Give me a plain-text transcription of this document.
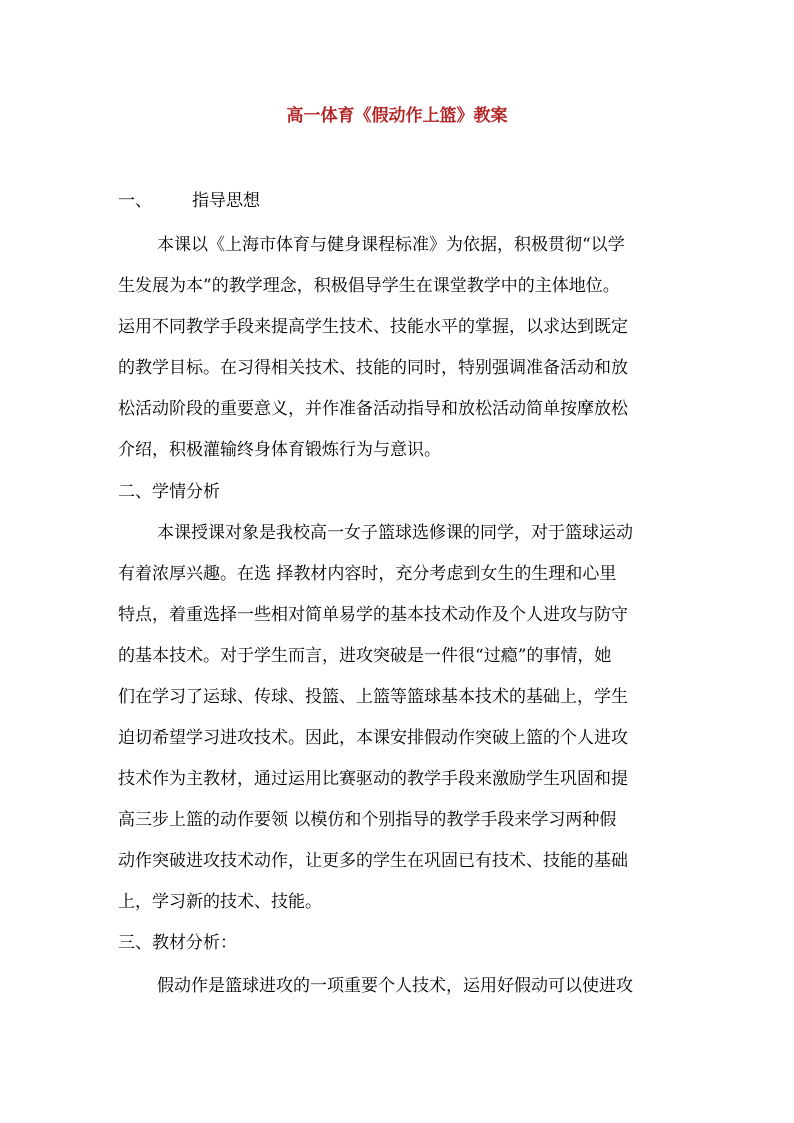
高一体育《假动作上篮》教案

一、 指导思想

本课以《上海市体育与健身课程标准》为依据，积极贯彻“以学

生发展为本”的教学理念，积极倡导学生在课堂教学中的主体地位。

运用不同教学手段来提高学生技术、技能水平的掌握，以求达到既定

的教学目标。在习得相关技术、技能的同时，特别强调准备活动和放

松活动阶段的重要意义，并作准备活动指导和放松活动简单按摩放松

介绍，积极灌输终身体育锻炼行为与意识。

二、学情分析

本课授课对象是我校高一女子篮球选修课的同学，对于篮球运动

有着浓厚兴趣。在选 择教材内容时，充分考虑到女生的生理和心里

特点，着重选择一些相对简单易学的基本技术动作及个人进攻与防守

的基本技术。对于学生而言，进攻突破是一件很“过瘾”的事情，她

们在学习了运球、传球、投篮、上篮等篮球基本技术的基础上，学生

迫切希望学习进攻技术。因此，本课安排假动作突破上篮的个人进攻

技术作为主教材，通过运用比赛驱动的教学手段来激励学生巩固和提

高三步上篮的动作要领 以模仿和个别指导的教学手段来学习两种假

动作突破进攻技术动作，让更多的学生在巩固已有技术、技能的基础

上，学习新的技术、技能。

三、教材分析：

假动作是篮球进攻的一项重要个人技术，运用好假动可以使进攻
